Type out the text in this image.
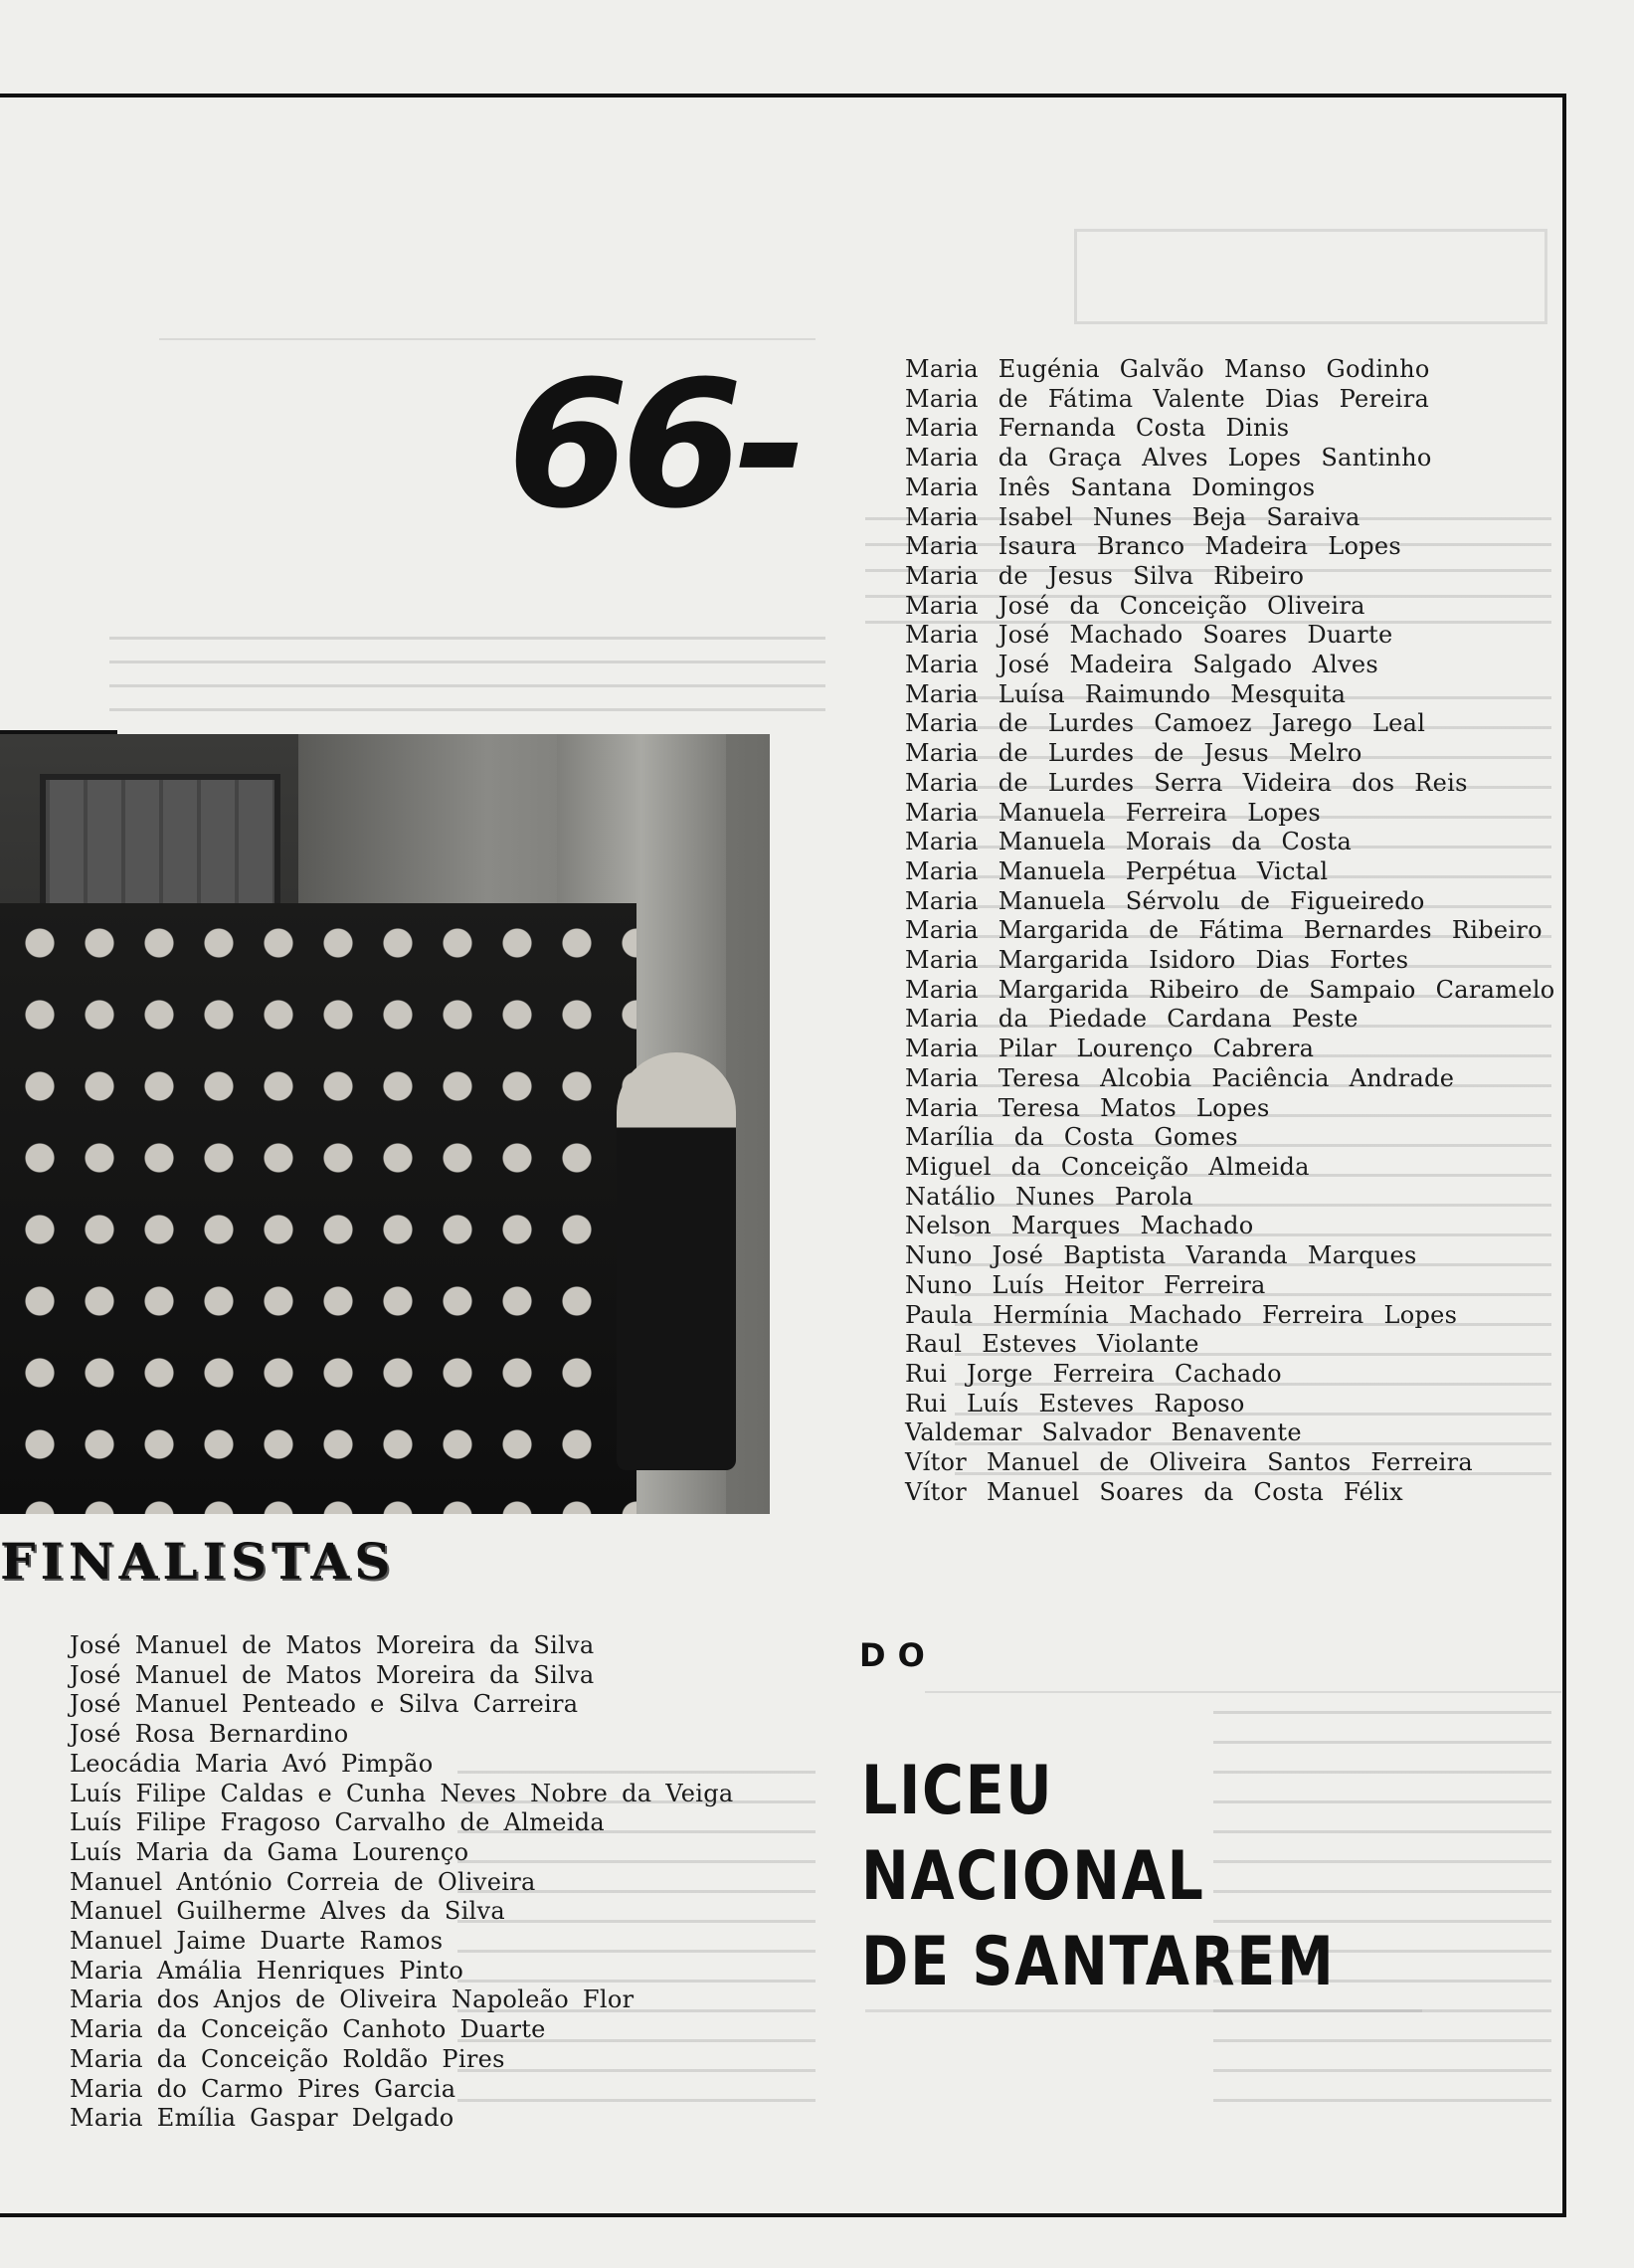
66-
FINALISTAS
José Manuel de Matos Moreira da Silva
José Manuel de Matos Moreira da Silva
José Manuel Penteado e Silva Carreira
José Rosa Bernardino
Leocádia Maria Avó Pimpão
Luís Filipe Caldas e Cunha Neves Nobre da Veiga
Luís Filipe Fragoso Carvalho de Almeida
Luís Maria da Gama Lourenço
Manuel António Correia de Oliveira
Manuel Guilherme Alves da Silva
Manuel Jaime Duarte Ramos
Maria Amália Henriques Pinto
Maria dos Anjos de Oliveira Napoleão Flor
Maria da Conceição Canhoto Duarte
Maria da Conceição Roldão Pires
Maria do Carmo Pires Garcia
Maria Emília Gaspar Delgado
Maria Eugénia Galvão Manso Godinho
Maria de Fátima Valente Dias Pereira
Maria Fernanda Costa Dinis
Maria da Graça Alves Lopes Santinho
Maria Inês Santana Domingos
Maria Isabel Nunes Beja Saraiva
Maria Isaura Branco Madeira Lopes
Maria de Jesus Silva Ribeiro
Maria José da Conceição Oliveira
Maria José Machado Soares Duarte
Maria José Madeira Salgado Alves
Maria Luísa Raimundo Mesquita
Maria de Lurdes Camoez Jarego Leal
Maria de Lurdes de Jesus Melro
Maria de Lurdes Serra Videira dos Reis
Maria Manuela Ferreira Lopes
Maria Manuela Morais da Costa
Maria Manuela Perpétua Victal
Maria Manuela Sérvolu de Figueiredo
Maria Margarida de Fátima Bernardes Ribeiro
Maria Margarida Isidoro Dias Fortes
Maria Margarida Ribeiro de Sampaio Caramelo
Maria da Piedade Cardana Peste
Maria Pilar Lourenço Cabrera
Maria Teresa Alcobia Paciência Andrade
Maria Teresa Matos Lopes
Marília da Costa Gomes
Miguel da Conceição Almeida
Natálio Nunes Parola
Nelson Marques Machado
Nuno José Baptista Varanda Marques
Nuno Luís Heitor Ferreira
Paula Hermínia Machado Ferreira Lopes
Raul Esteves Violante
Rui Jorge Ferreira Cachado
Rui Luís Esteves Raposo
Valdemar Salvador Benavente
Vítor Manuel de Oliveira Santos Ferreira
Vítor Manuel Soares da Costa Félix
DO
LICEU
NACIONAL
DE SANTAREM
